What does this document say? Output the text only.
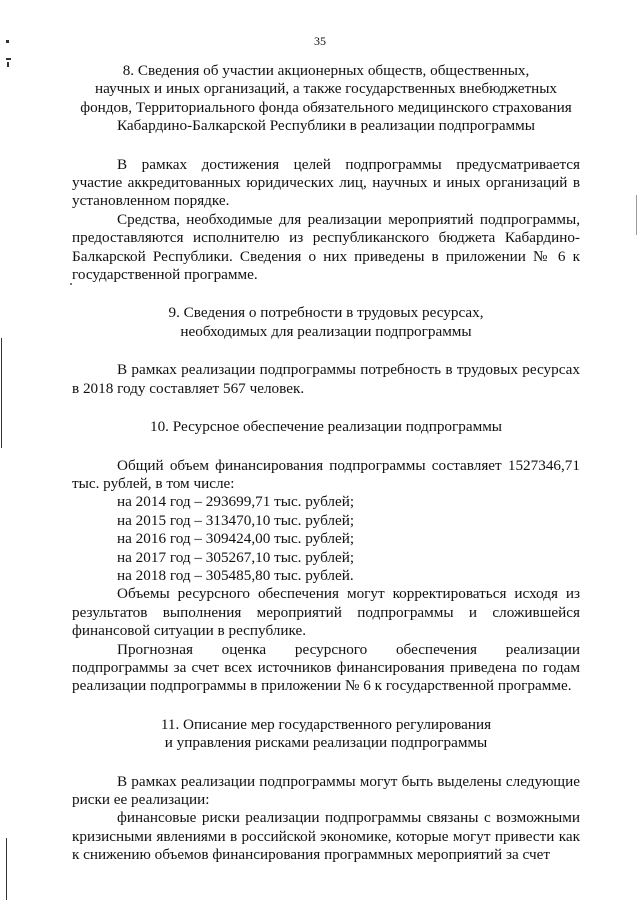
35
8. Сведения об участии акционерных обществ, общественных,
научных и иных организаций, а также государственных внебюджетных
фондов, Территориального фонда обязательного медицинского страхования
Кабардино-Балкарской Республики в реализации подпрограммы

В рамках достижения целей подпрограммы предусматривается участие аккредитованных юридических лиц, научных и иных организаций в установленном порядке.

Средства, необходимые для реализации мероприятий подпрограммы, предоставляются исполнителю из республиканского бюджета Кабардино-Балкарской Республики. Сведения о них приведены в приложении № 6 к государственной программе.

9. Сведения о потребности в трудовых ресурсах,
необходимых для реализации подпрограммы

В рамках реализации подпрограммы потребность в трудовых ресурсах в 2018 году составляет 567 человек.

10. Ресурсное обеспечение реализации подпрограммы

Общий объем финансирования подпрограммы составляет 1527346,71 тыс. рублей, в том числе:

на 2014 год – 293699,71 тыс. рублей;
на 2015 год – 313470,10 тыс. рублей;
на 2016 год – 309424,00 тыс. рублей;
на 2017 год – 305267,10 тыс. рублей;
на 2018 год – 305485,80 тыс. рублей.

Объемы ресурсного обеспечения могут корректироваться исходя из результатов выполнения мероприятий подпрограммы и сложившейся финансовой ситуации в республике.

Прогнозная оценка ресурсного обеспечения реализации подпрограммы за счет всех источников финансирования приведена по годам реализации подпрограммы в приложении № 6 к государственной программе.

11. Описание мер государственного регулирования
и управления рисками реализации подпрограммы

В рамках реализации подпрограммы могут быть выделены следующие риски ее реализации:

финансовые риски реализации подпрограммы связаны с возможными кризисными явлениями в российской экономике, которые могут привести как к снижению объемов финансирования программных мероприятий за счет
